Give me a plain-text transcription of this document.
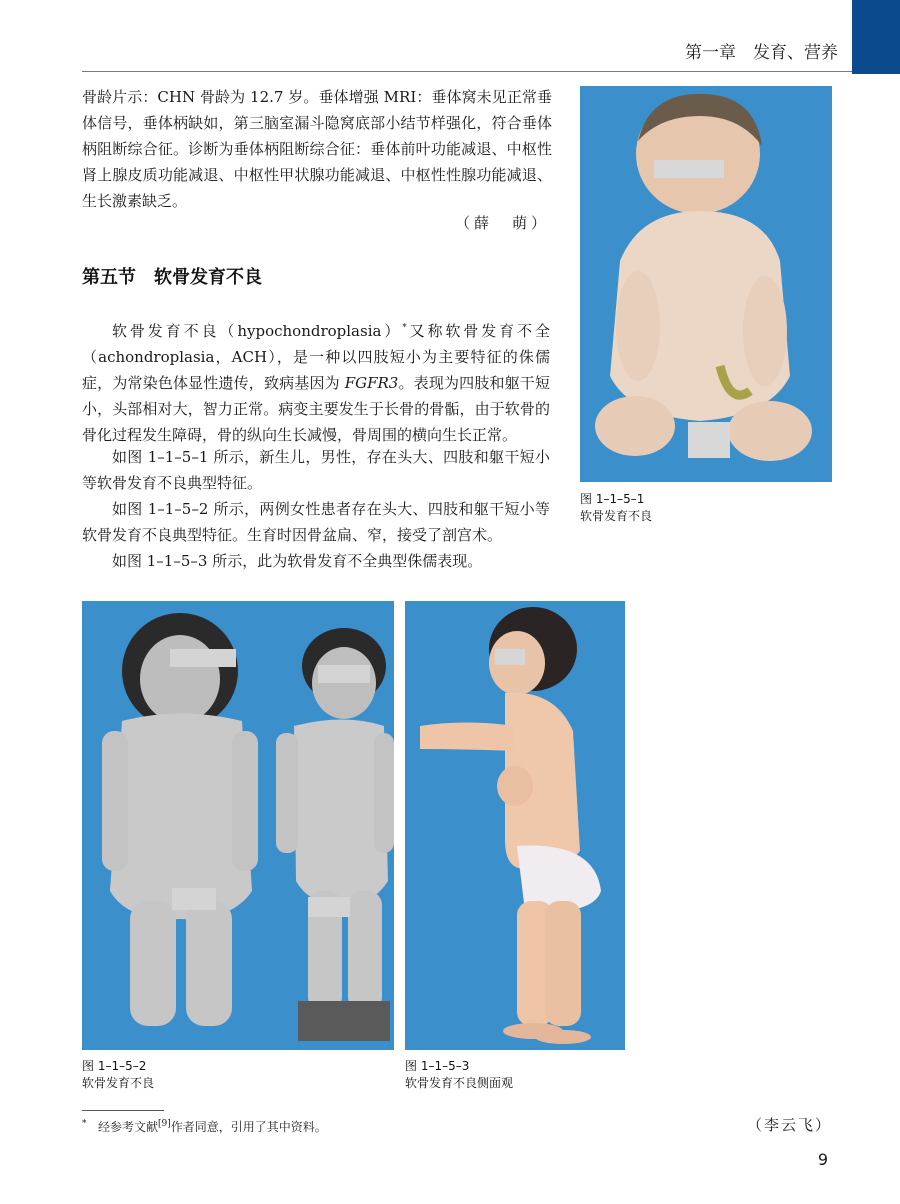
第一章　发育、营养

骨龄片示：CHN 骨龄为 12.7 岁。垂体增强 MRI：垂体窝未见正常垂体信号，垂体柄缺如，第三脑室漏斗隐窝底部小结节样强化，符合垂体柄阻断综合征。诊断为垂体柄阻断综合征：垂体前叶功能减退、中枢性肾上腺皮质功能减退、中枢性甲状腺功能减退、中枢性性腺功能减退、生长激素缺乏。

（薛　萌）
第五节 软骨发育不良

软骨发育不良（hypochondroplasia）*又称软骨发育不全（achondroplasia，ACH），是一种以四肢短小为主要特征的侏儒症，为常染色体显性遗传，致病基因为 FGFR3。表现为四肢和躯干短小，头部相对大，智力正常。病变主要发生于长骨的骨骺，由于软骨的骨化过程发生障碍，骨的纵向生长减慢，骨周围的横向生长正常。

如图 1–1–5–1 所示，新生儿，男性，存在头大、四肢和躯干短小等软骨发育不良典型特征。

如图 1–1–5–2 所示，两例女性患者存在头大、四肢和躯干短小等软骨发育不良典型特征。生育时因骨盆扁、窄，接受了剖宫术。

如图 1–1–5–3 所示，此为软骨发育不全典型侏儒表现。

图 1–1–5–1
软骨发育不良
图 1–1–5–2
软骨发育不良
图 1–1–5–3
软骨发育不良侧面观
* 经参考文献[9]作者同意，引用了其中资料。	（李云飞）
9
